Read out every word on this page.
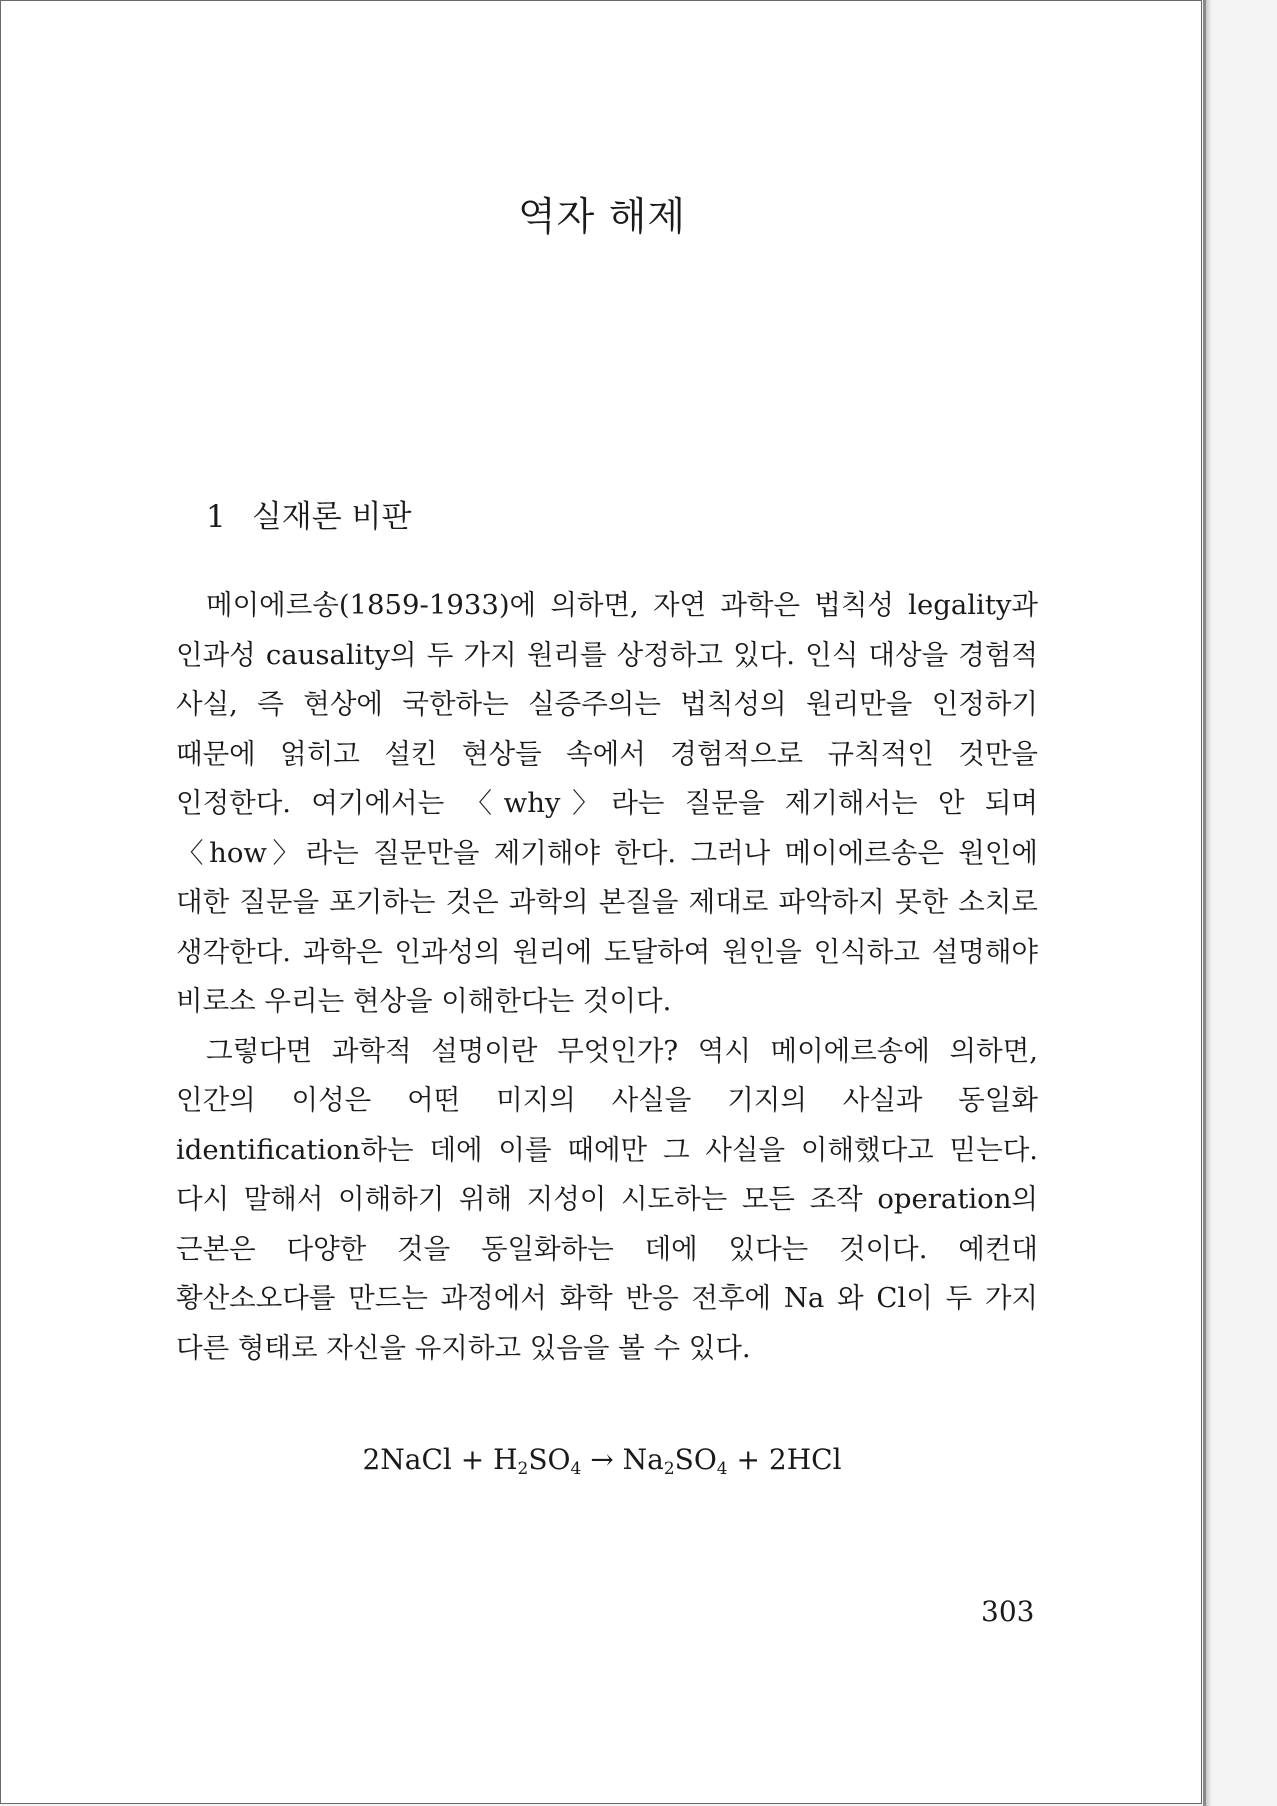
역자 해제
1 실재론 비판

메이에르송(1859-1933)에 의하면, 자연 과학은 법칙성 legality과 인과성 causality의 두 가지 원리를 상정하고 있다. 인식 대상을 경험적 사실, 즉 현상에 국한하는 실증주의는 법칙성의 원리만을 인정하기 때문에 얽히고 설킨 현상들 속에서 경험적으로 규칙적인 것만을 인정한다. 여기에서는 〈why〉라는 질문을 제기해서는 안 되며 〈how〉라는 질문만을 제기해야 한다. 그러나 메이에르송은 원인에 대한 질문을 포기하는 것은 과학의 본질을 제대로 파악하지 못한 소치로 생각한다. 과학은 인과성의 원리에 도달하여 원인을 인식하고 설명해야 비로소 우리는 현상을 이해한다는 것이다.

그렇다면 과학적 설명이란 무엇인가? 역시 메이에르송에 의하면, 인간의 이성은 어떤 미지의 사실을 기지의 사실과 동일화 identification하는 데에 이를 때에만 그 사실을 이해했다고 믿는다. 다시 말해서 이해하기 위해 지성이 시도하는 모든 조작 operation의 근본은 다양한 것을 동일화하는 데에 있다는 것이다. 예컨대 황산소오다를 만드는 과정에서 화학 반응 전후에 Na 와 Cl이 두 가지 다른 형태로 자신을 유지하고 있음을 볼 수 있다.

2NaCl + $H_2SO_4 \to Na_2SO_4 + 2HCl$
303
